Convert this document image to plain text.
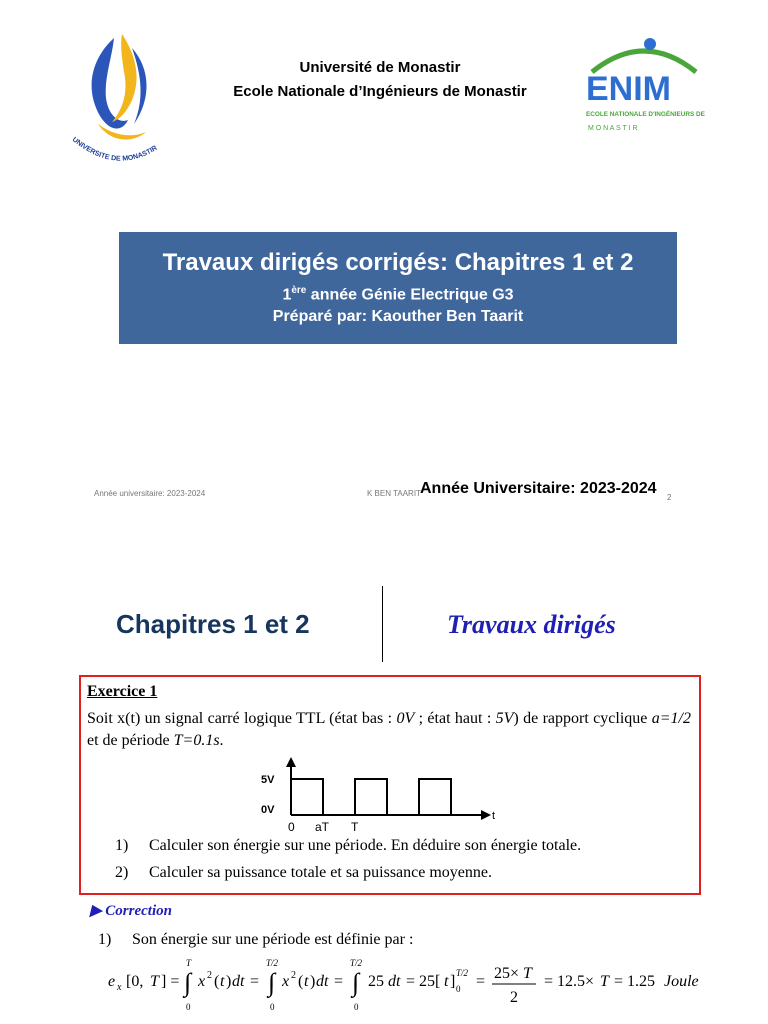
UNIVERSITE DE MONASTIR
Université de Monastir
Ecole Nationale d’Ingénieurs de Monastir	ENIM
ECOLE NATIONALE D'INGÉNIEURS DE
M O N A S T I R
Travaux dirigés corrigés: Chapitres 1 et 2
1ère année Génie Electrique G3
Préparé par: Kaouther Ben Taarit
Année universitaire: 2023-2024	K BEN TAARIT Année Universitaire: 2023-2024
2
Chapitres 1 et 2	Travaux dirigés
Exercice 1
Soit x(t) un signal carré logique TTL (état bas : 0V ; état haut : 5V) de rapport cyclique a=1/2 et de période T=0.1s.
5V
0V
0 aT T
t
1) Calculer son énergie sur une période. En déduire son énergie totale.
2) Calculer sa puissance totale et sa puissance moyenne.
▶ Correction
1) Son énergie sur une période est définie par :
e x [0, T ] = ∫
T
0
x 2 ( t ) dt = ∫
T/2
0
x 2 ( t ) dt = ∫
T/2
0
25 dt = 25[ t ] T/2
0 = 25× T
2
= 12.5× T = 1.25 Joule
